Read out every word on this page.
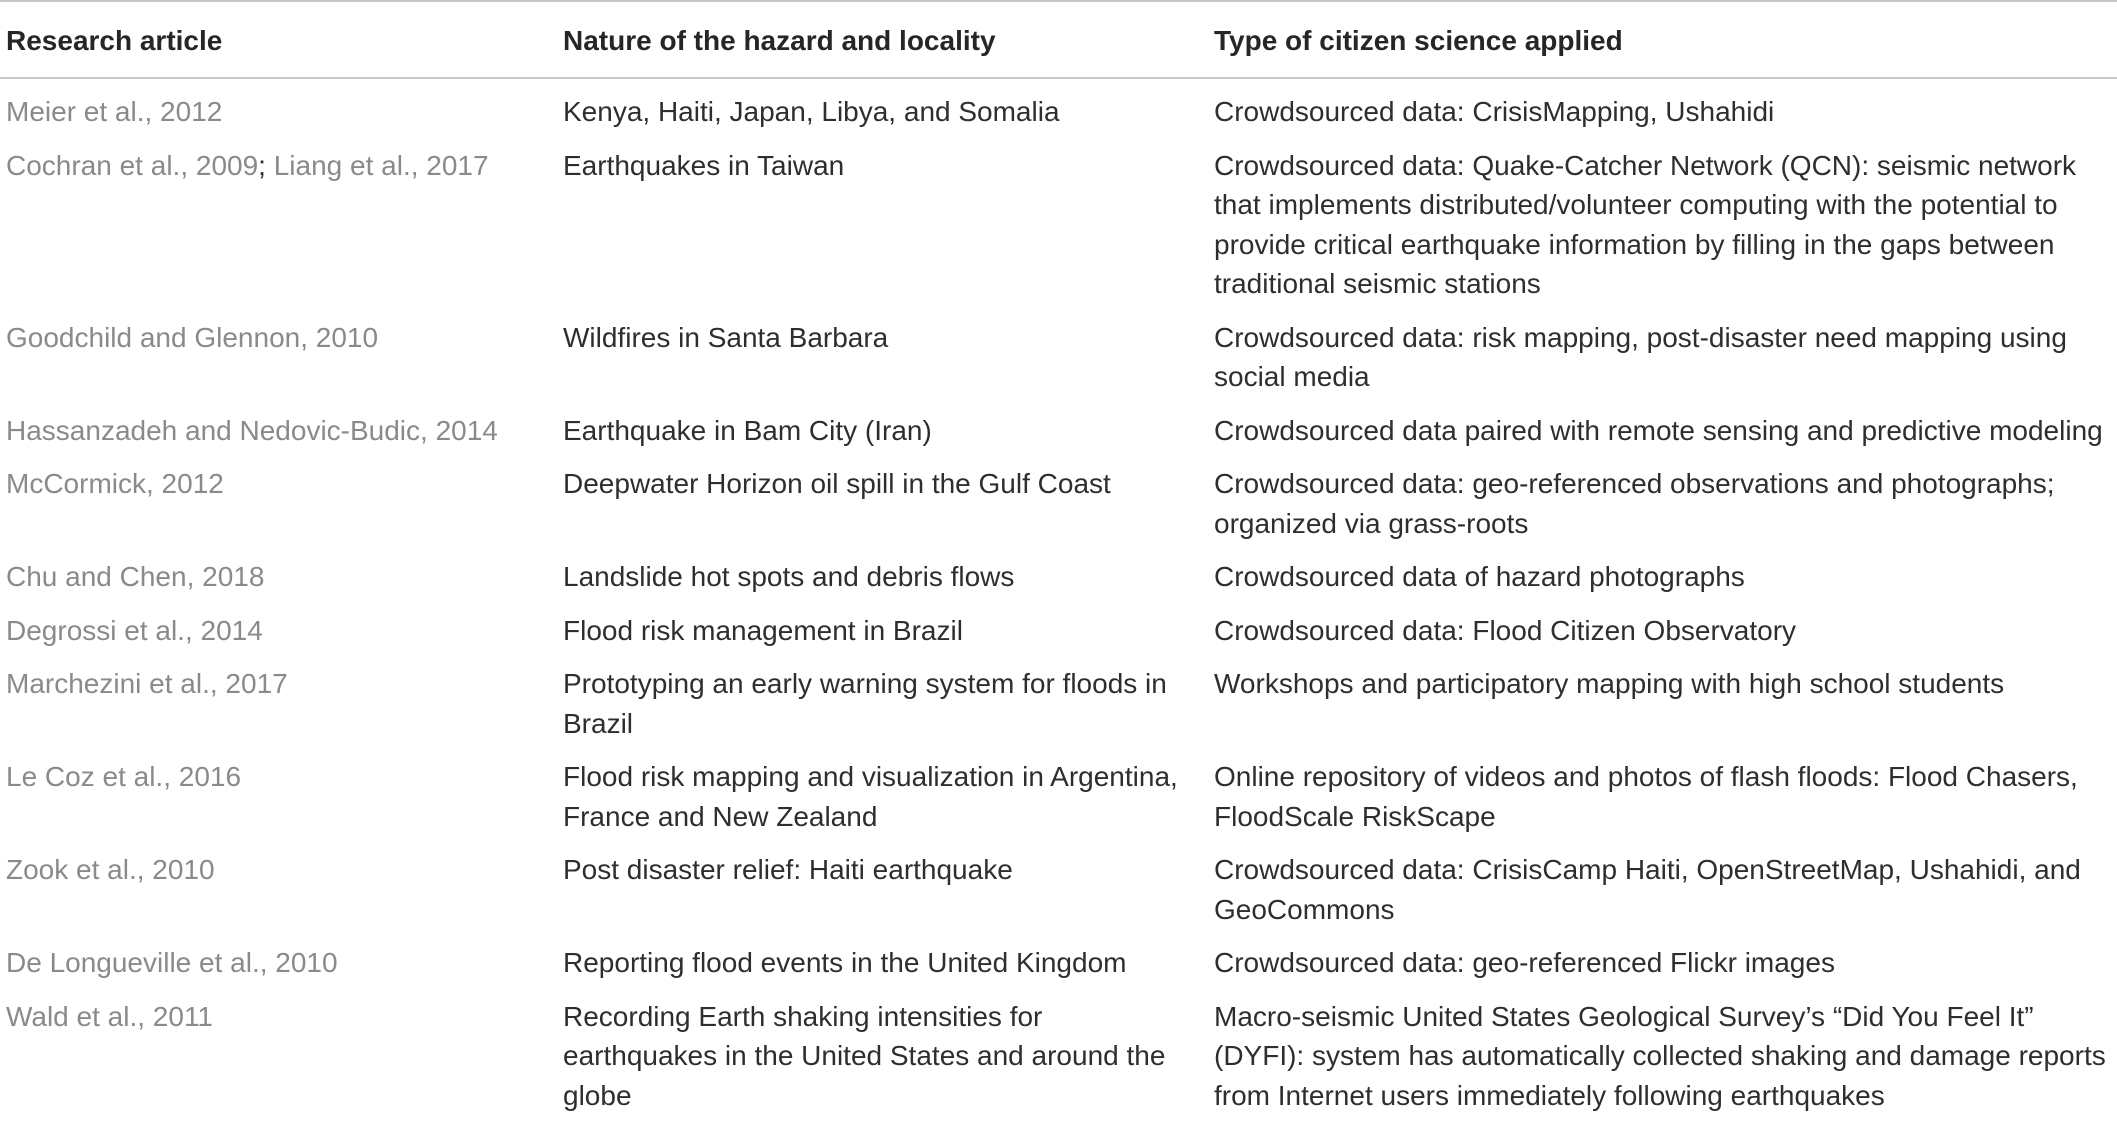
Research article	Nature of the hazard and locality	Type of citizen science applied
Meier et al., 2012	Kenya, Haiti, Japan, Libya, and Somalia	Crowdsourced data: CrisisMapping, Ushahidi
Cochran et al., 2009; Liang et al., 2017	Earthquakes in Taiwan	Crowdsourced data: Quake-Catcher Network (QCN): seismic network that implements distributed/volunteer computing with the potential to provide critical earthquake information by filling in the gaps between traditional seismic stations
Goodchild and Glennon, 2010	Wildfires in Santa Barbara	Crowdsourced data: risk mapping, post-disaster need mapping using social media
Hassanzadeh and Nedovic-Budic, 2014	Earthquake in Bam City (Iran)	Crowdsourced data paired with remote sensing and predictive modeling
McCormick, 2012	Deepwater Horizon oil spill in the Gulf Coast	Crowdsourced data: geo-referenced observations and photographs; organized via grass-roots
Chu and Chen, 2018	Landslide hot spots and debris flows	Crowdsourced data of hazard photographs
Degrossi et al., 2014	Flood risk management in Brazil	Crowdsourced data: Flood Citizen Observatory
Marchezini et al., 2017	Prototyping an early warning system for floods in Brazil	Workshops and participatory mapping with high school students
Le Coz et al., 2016	Flood risk mapping and visualization in Argentina, France and New Zealand	Online repository of videos and photos of flash floods: Flood Chasers, FloodScale RiskScape
Zook et al., 2010	Post disaster relief: Haiti earthquake	Crowdsourced data: CrisisCamp Haiti, OpenStreetMap, Ushahidi, and GeoCommons
De Longueville et al., 2010	Reporting flood events in the United Kingdom	Crowdsourced data: geo-referenced Flickr images
Wald et al., 2011	Recording Earth shaking intensities for earthquakes in the United States and around the globe	Macro-seismic United States Geological Survey’s “Did You Feel It” (DYFI): system has automatically collected shaking and damage reports from Internet users immediately following earthquakes
